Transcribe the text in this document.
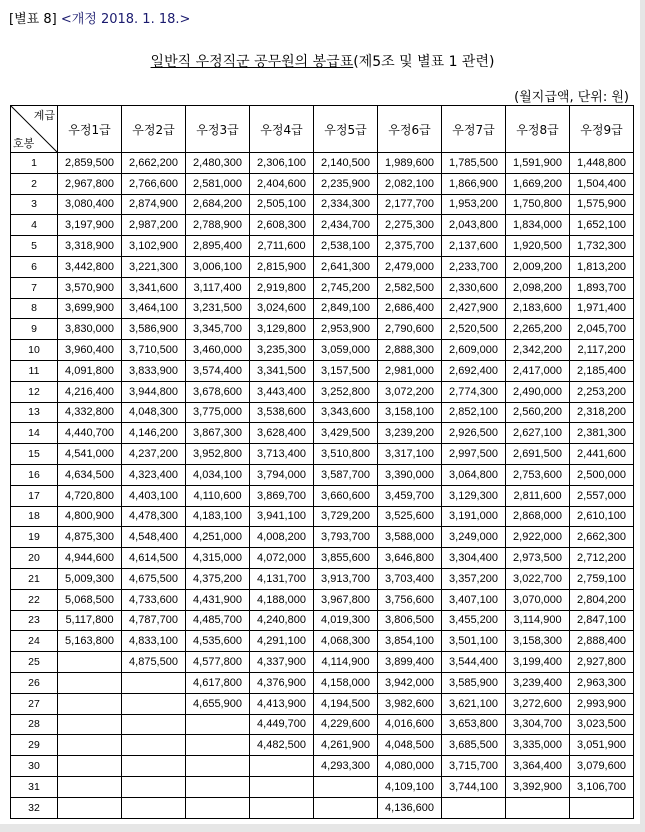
[별표 8] <개정 2018. 1. 18.>
일반직 우정직군 공무원의 봉급표(제5조 및 별표 1 관련)
(월지급액, 단위: 원)
계급
호봉	우정1급	우정2급	우정3급	우정4급	우정5급	우정6급	우정7급	우정8급	우정9급
1	2,859,500	2,662,200	2,480,300	2,306,100	2,140,500	1,989,600	1,785,500	1,591,900	1,448,800
2	2,967,800	2,766,600	2,581,000	2,404,600	2,235,900	2,082,100	1,866,900	1,669,200	1,504,400
3	3,080,400	2,874,900	2,684,200	2,505,100	2,334,300	2,177,700	1,953,200	1,750,800	1,575,900
4	3,197,900	2,987,200	2,788,900	2,608,300	2,434,700	2,275,300	2,043,800	1,834,000	1,652,100
5	3,318,900	3,102,900	2,895,400	2,711,600	2,538,100	2,375,700	2,137,600	1,920,500	1,732,300
6	3,442,800	3,221,300	3,006,100	2,815,900	2,641,300	2,479,000	2,233,700	2,009,200	1,813,200
7	3,570,900	3,341,600	3,117,400	2,919,800	2,745,200	2,582,500	2,330,600	2,098,200	1,893,700
8	3,699,900	3,464,100	3,231,500	3,024,600	2,849,100	2,686,400	2,427,900	2,183,600	1,971,400
9	3,830,000	3,586,900	3,345,700	3,129,800	2,953,900	2,790,600	2,520,500	2,265,200	2,045,700
10	3,960,400	3,710,500	3,460,000	3,235,300	3,059,000	2,888,300	2,609,000	2,342,200	2,117,200
11	4,091,800	3,833,900	3,574,400	3,341,500	3,157,500	2,981,000	2,692,400	2,417,000	2,185,400
12	4,216,400	3,944,800	3,678,600	3,443,400	3,252,800	3,072,200	2,774,300	2,490,000	2,253,200
13	4,332,800	4,048,300	3,775,000	3,538,600	3,343,600	3,158,100	2,852,100	2,560,200	2,318,200
14	4,440,700	4,146,200	3,867,300	3,628,400	3,429,500	3,239,200	2,926,500	2,627,100	2,381,300
15	4,541,000	4,237,200	3,952,800	3,713,400	3,510,800	3,317,100	2,997,500	2,691,500	2,441,600
16	4,634,500	4,323,400	4,034,100	3,794,000	3,587,700	3,390,000	3,064,800	2,753,600	2,500,000
17	4,720,800	4,403,100	4,110,600	3,869,700	3,660,600	3,459,700	3,129,300	2,811,600	2,557,000
18	4,800,900	4,478,300	4,183,100	3,941,100	3,729,200	3,525,600	3,191,000	2,868,000	2,610,100
19	4,875,300	4,548,400	4,251,000	4,008,200	3,793,700	3,588,000	3,249,000	2,922,000	2,662,300
20	4,944,600	4,614,500	4,315,000	4,072,000	3,855,600	3,646,800	3,304,400	2,973,500	2,712,200
21	5,009,300	4,675,500	4,375,200	4,131,700	3,913,700	3,703,400	3,357,200	3,022,700	2,759,100
22	5,068,500	4,733,600	4,431,900	4,188,000	3,967,800	3,756,600	3,407,100	3,070,000	2,804,200
23	5,117,800	4,787,700	4,485,700	4,240,800	4,019,300	3,806,500	3,455,200	3,114,900	2,847,100
24	5,163,800	4,833,100	4,535,600	4,291,100	4,068,300	3,854,100	3,501,100	3,158,300	2,888,400
25		4,875,500	4,577,800	4,337,900	4,114,900	3,899,400	3,544,400	3,199,400	2,927,800
26			4,617,800	4,376,900	4,158,000	3,942,000	3,585,900	3,239,400	2,963,300
27			4,655,900	4,413,900	4,194,500	3,982,600	3,621,100	3,272,600	2,993,900
28				4,449,700	4,229,600	4,016,600	3,653,800	3,304,700	3,023,500
29				4,482,500	4,261,900	4,048,500	3,685,500	3,335,000	3,051,900
30					4,293,300	4,080,000	3,715,700	3,364,400	3,079,600
31						4,109,100	3,744,100	3,392,900	3,106,700
32						4,136,600			
